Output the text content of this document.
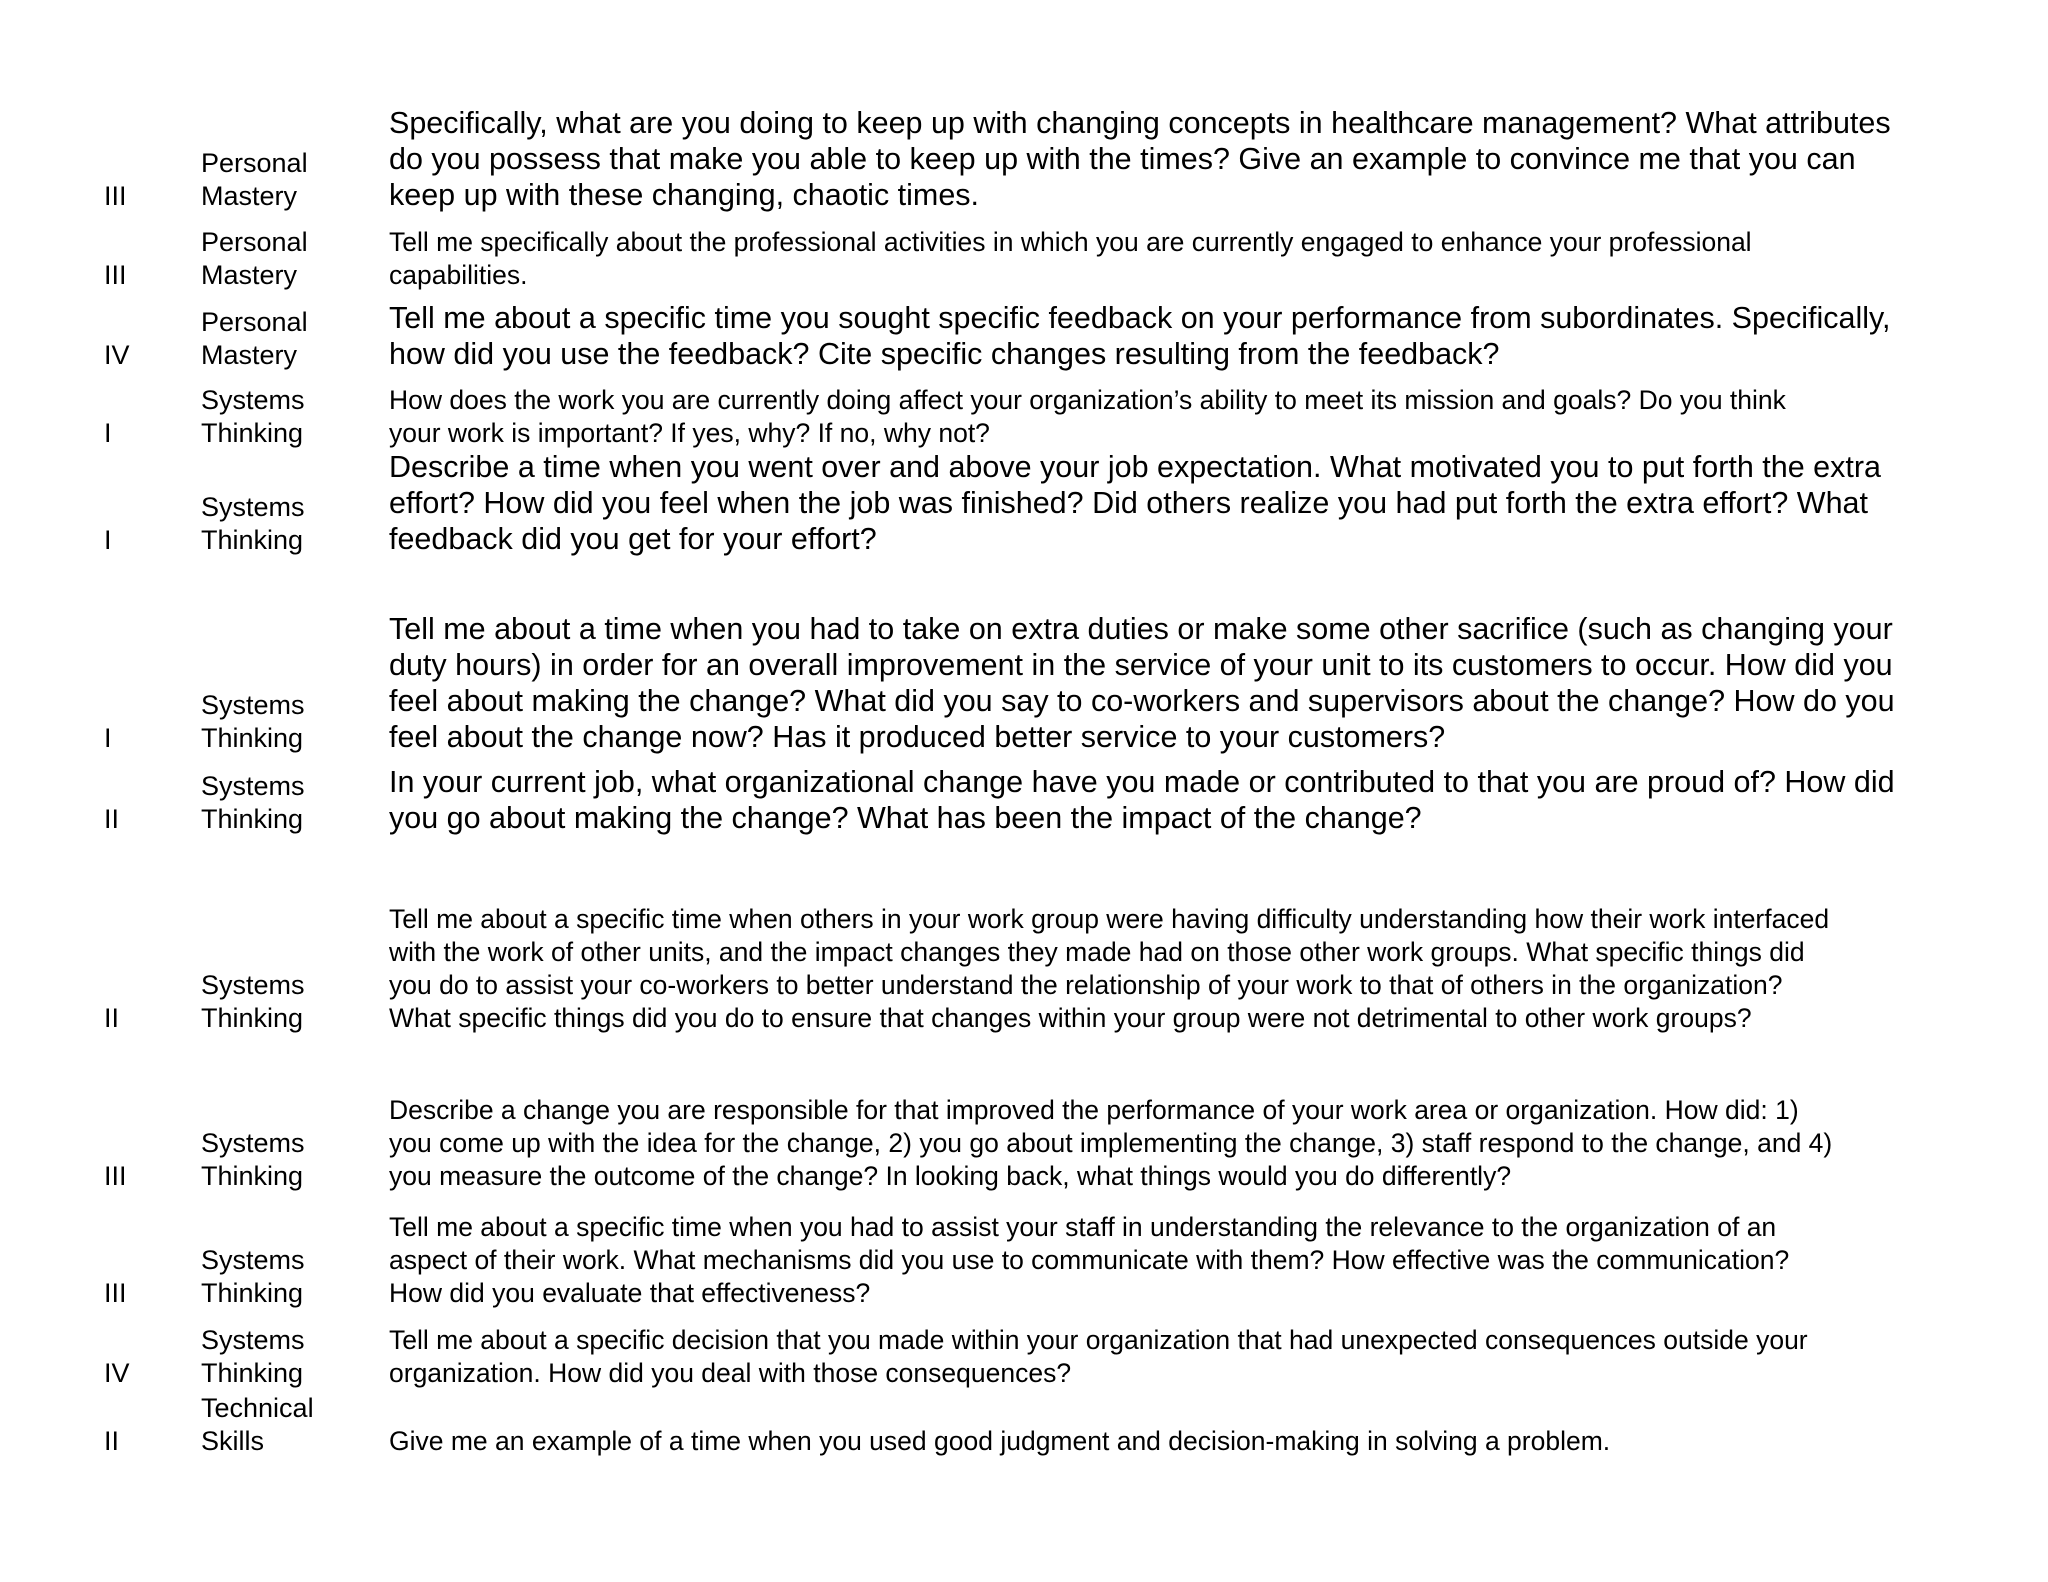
III
Personal
Mastery
Specifically, what are you doing to keep up with changing concepts in healthcare management? What attributes
do you possess that make you able to keep up with the times? Give an example to convince me that you can
keep up with these changing, chaotic times.
III
Personal
Mastery
Tell me specifically about the professional activities in which you are currently engaged to enhance your professional
capabilities.
IV
Personal
Mastery
Tell me about a specific time you sought specific feedback on your performance from subordinates. Specifically,
how did you use the feedback? Cite specific changes resulting from the feedback?
I
Systems
Thinking
How does the work you are currently doing affect your organization’s ability to meet its mission and goals? Do you think
your work is important? If yes, why? If no, why not?
I
Systems
Thinking
Describe a time when you went over and above your job expectation. What motivated you to put forth the extra
effort? How did you feel when the job was finished? Did others realize you had put forth the extra effort? What
feedback did you get for your effort?
I
Systems
Thinking
Tell me about a time when you had to take on extra duties or make some other sacrifice (such as changing your
duty hours) in order for an overall improvement in the service of your unit to its customers to occur. How did you
feel about making the change? What did you say to co-workers and supervisors about the change? How do you
feel about the change now? Has it produced better service to your customers?
II
Systems
Thinking
In your current job, what organizational change have you made or contributed to that you are proud of? How did
you go about making the change? What has been the impact of the change?
II
Systems
Thinking
Tell me about a specific time when others in your work group were having difficulty understanding how their work interfaced
with the work of other units, and the impact changes they made had on those other work groups. What specific things did
you do to assist your co-workers to better understand the relationship of your work to that of others in the organization?
What specific things did you do to ensure that changes within your group were not detrimental to other work groups?
III
Systems
Thinking
Describe a change you are responsible for that improved the performance of your work area or organization. How did: 1)
you come up with the idea for the change, 2) you go about implementing the change, 3) staff respond to the change, and 4)
you measure the outcome of the change? In looking back, what things would you do differently?
III
Systems
Thinking
Tell me about a specific time when you had to assist your staff in understanding the relevance to the organization of an
aspect of their work. What mechanisms did you use to communicate with them? How effective was the communication?
How did you evaluate that effectiveness?
IV
Systems
Thinking
Tell me about a specific decision that you made within your organization that had unexpected consequences outside your
organization. How did you deal with those consequences?
II
Technical
Skills	Give me an example of a time when you used good judgment and decision-making in solving a problem.
